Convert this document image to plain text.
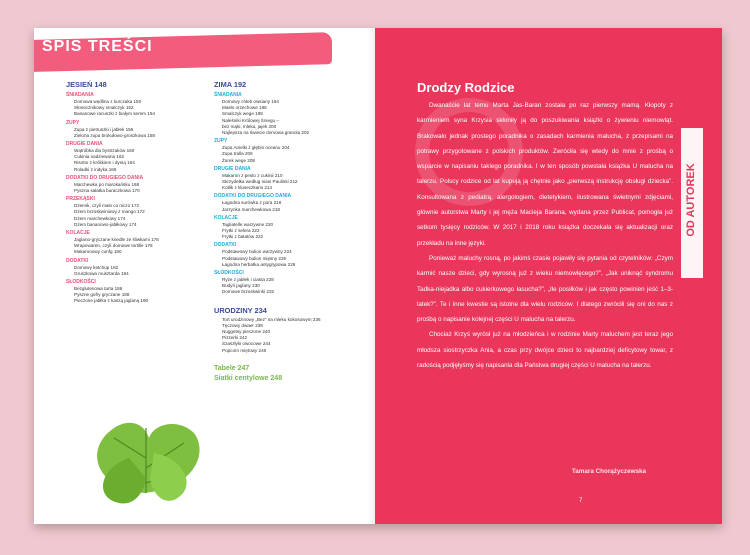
SPIS TREŚCI
JESIEŃ 148
ŚNIADANIA
Domowa wędlina z kurczaka 150
Słonecznikowy smalczyk 152
Bananowe racuszki z białym serem 154
ZUPY
Zupa z pietruszki i jabłek 156
Zielona zupa brokułowo-groszkowa 158
DRUGIE DANIA
Wątróbka dla bystrzaków 160
Cukinia nadziewana 162
Risotto z królikiem i dynią 164
Roladki z indyka 166
DODATKI DO DRUGIEGO DANIA
Marchewka po marokańsku 168
Pyszna sałatka buraczkowa 170
PRZEKĄSKI
Dżemik, czyli mało co niczo 172
Dżem brzoskwiniowy z mango 172
Dżem marchewkowy 174
Dżem bananowo-jabłkowy 174
KOLACJE
Jaglano-gryczane knedle ze śliwkami 176
Wrapowaren, czyli domowe tortille 178
Makaronowy cunfg 180
DODATKI
Domowy ketchup 182
Gruszkowa musztarda 184
SŁODKOŚCI
Bezglutenowa tarta 186
Pyszne gofry gryczane 188
Pieczone jabłka z kaszą jaglaną 190
ZIMA 192
ŚNIADANIA
Domowy chleb owsiany 194
Masło orzechowe 196
Smalczyk wege 198
Naleśniki Królowej Śniegu –
bez mąki, mleka, jajek 200
Najlepsza na świecie domowa granola 202
ZUPY
Zupa Anielki z głębin oceanu 204
Zupa tralla 206
Żurek wege 208
DRUGIE DANIA
Makaron z pesto z cukinii 210
Skrzydełka według niani Paulinki 212
Kotlik z kluseczkami 214
DODATKI DO DRUGIEGO DANIA
Łagodna surówka z pora 216
Jarzynka marchewkowa 218
KOLACJE
Tagliatelle warzywne 220
Frytki z selera 222
Frytki z batatów 222
DODATKI
Podstawowy bulion warzywny 224
Podstawowy bulion mięsny 225
Łagodna herbatka antygrypowa 226
SŁODKOŚCI
Ryże z jabłek i ciasta 228
Budyń jaglany 230
Domowe brzoskwinki 232
URODZINY 234
Tort urodzinowy „Bez” na mleku kokosowym 236
Tęczowy dwaer 238
Nuggetsy pieczone 240
Pizzerki 242
Szaszłyki owocowe 244
Popcorn miętowy 246
Tabele 247
Siatki centylowe 248
Drodzy Rodzice

Dwanaście lat temu Marta Jas-Baran została po raz pierwszy mamą. Kłopoty z karmieniem syna Krzysia skłoniły ją do poszukiwania książki o żywieniu niemowląt. Brakowało jednak prostego poradnika o zasadach karmienia malucha, z przepisami na potrawy przygotowane z polskich produktów. Zwróciła się wtedy do mnie z prośbą o wsparcie w napisaniu takiego poradnika. I w ten sposób powstała książka U malucha na talerzu. Polscy rodzice od lat kupują ją chętnie jako „pierwszą instrukcję obsługi dziecka”. Konsultowana z pediatrą, alergologiem, dietetykiem, ilustrowana świetnymi zdjęciami, głównie autorstwa Marty i jej męża Macieja Barana, wydana przez Publicat, pomogła już setkom tysięcy rodziców. W 2017 i 2018 roku książka doczekała się aktualizacji oraz przekładu na inne języki.

Ponieważ maluchy rosną, po jakimś czasie pojawiły się pytania od czytelników: „Czym karmić nasze dzieci, gdy wyrosną już z wieku niemowlęcego?”, „Jak uniknąć syndromu Tadka-niejadka albo cukierkowego łasucha?”, „Ile posiłków i jak często powinien jeść 1–3-latek?”. Te i inne kwestie są istotne dla wielu rodziców. I dlatego zwróciłi się oni do nas z prośbą o napisanie kolejnej części U malucha na talerzu.

Chociaż Krzyś wyrósł już na młodzieńca i w rodzinie Marty maluchem jest teraz jego młodsza siostrzyczka Ania, a czas przy dwójce dzieci to najbardziej deficytowy towar, z radością podjęłyśmy się napisania dla Państwa drugiej części U malucha na talerzu.

Tamara Chorążyczewska
7
OD AUTOREK
